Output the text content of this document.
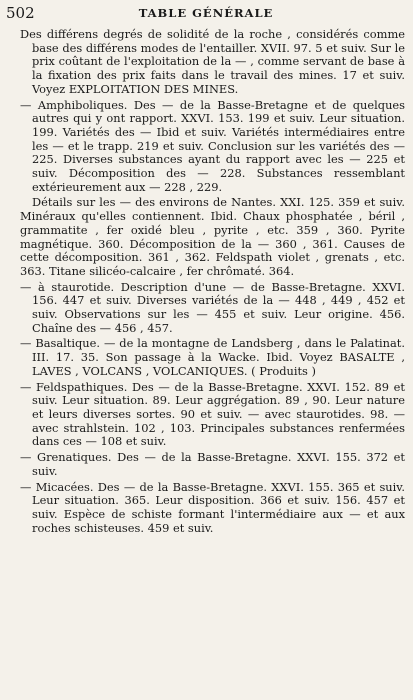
502	TABLE GÉNÉRALE

Des différens degrés de solidité de la roche , considérés comme base des différens modes de l'entailler. XVII. 97. 5 et suiv. Sur le prix coûtant de l'exploitation de la — , comme servant de base à la fixation des prix faits dans le travail des mines. 17 et suiv. Voyez EXPLOITATION DES MINES.

— Amphiboliques. Des — de la Basse-Bretagne et de quelques autres qui y ont rapport. XXVI. 153. 199 et suiv. Leur situation. 199. Variétés des — Ibid et suiv. Variétés intermédiaires entre les — et le trapp. 219 et suiv. Conclusion sur les variétés des — 225. Diverses substances ayant du rapport avec les — 225 et suiv. Décomposition des — 228. Substances ressemblant extérieurement aux — 228 , 229.

Détails sur les — des environs de Nantes. XXI. 125. 359 et suiv. Minéraux qu'elles contiennent. Ibid. Chaux phosphatée , béril , grammatite , fer oxidé bleu , pyrite , etc. 359 , 360. Pyrite magnétique. 360. Décomposition de la — 360 , 361. Causes de cette décomposition. 361 , 362. Feldspath violet , grenats , etc. 363. Titane silicéo-calcaire , fer chrômaté. 364.

— à staurotide. Description d'une — de Basse-Bretagne. XXVI. 156. 447 et suiv. Diverses variétés de la — 448 , 449 , 452 et suiv. Observations sur les — 455 et suiv. Leur origine. 456. Chaîne des — 456 , 457.

— Basaltique. — de la montagne de Landsberg , dans le Palatinat. III. 17. 35. Son passage à la Wacke. Ibid. Voyez BASALTE , LAVES , VOLCANS , VOLCANIQUES. ( Produits )

— Feldspathiques. Des — de la Basse-Bretagne. XXVI. 152. 89 et suiv. Leur situation. 89. Leur aggrégation. 89 , 90. Leur nature et leurs diverses sortes. 90 et suiv. — avec staurotides. 98. — avec strahlstein. 102 , 103. Principales substances renfermées dans ces — 108 et suiv.

— Grenatiques. Des — de la Basse-Bretagne. XXVI. 155. 372 et suiv.

— Micacées. Des — de la Basse-Bretagne. XXVI. 155. 365 et suiv. Leur situation. 365. Leur disposition. 366 et suiv. 156. 457 et suiv. Espèce de schiste formant l'intermédiaire aux — et aux roches schisteuses. 459 et suiv.
